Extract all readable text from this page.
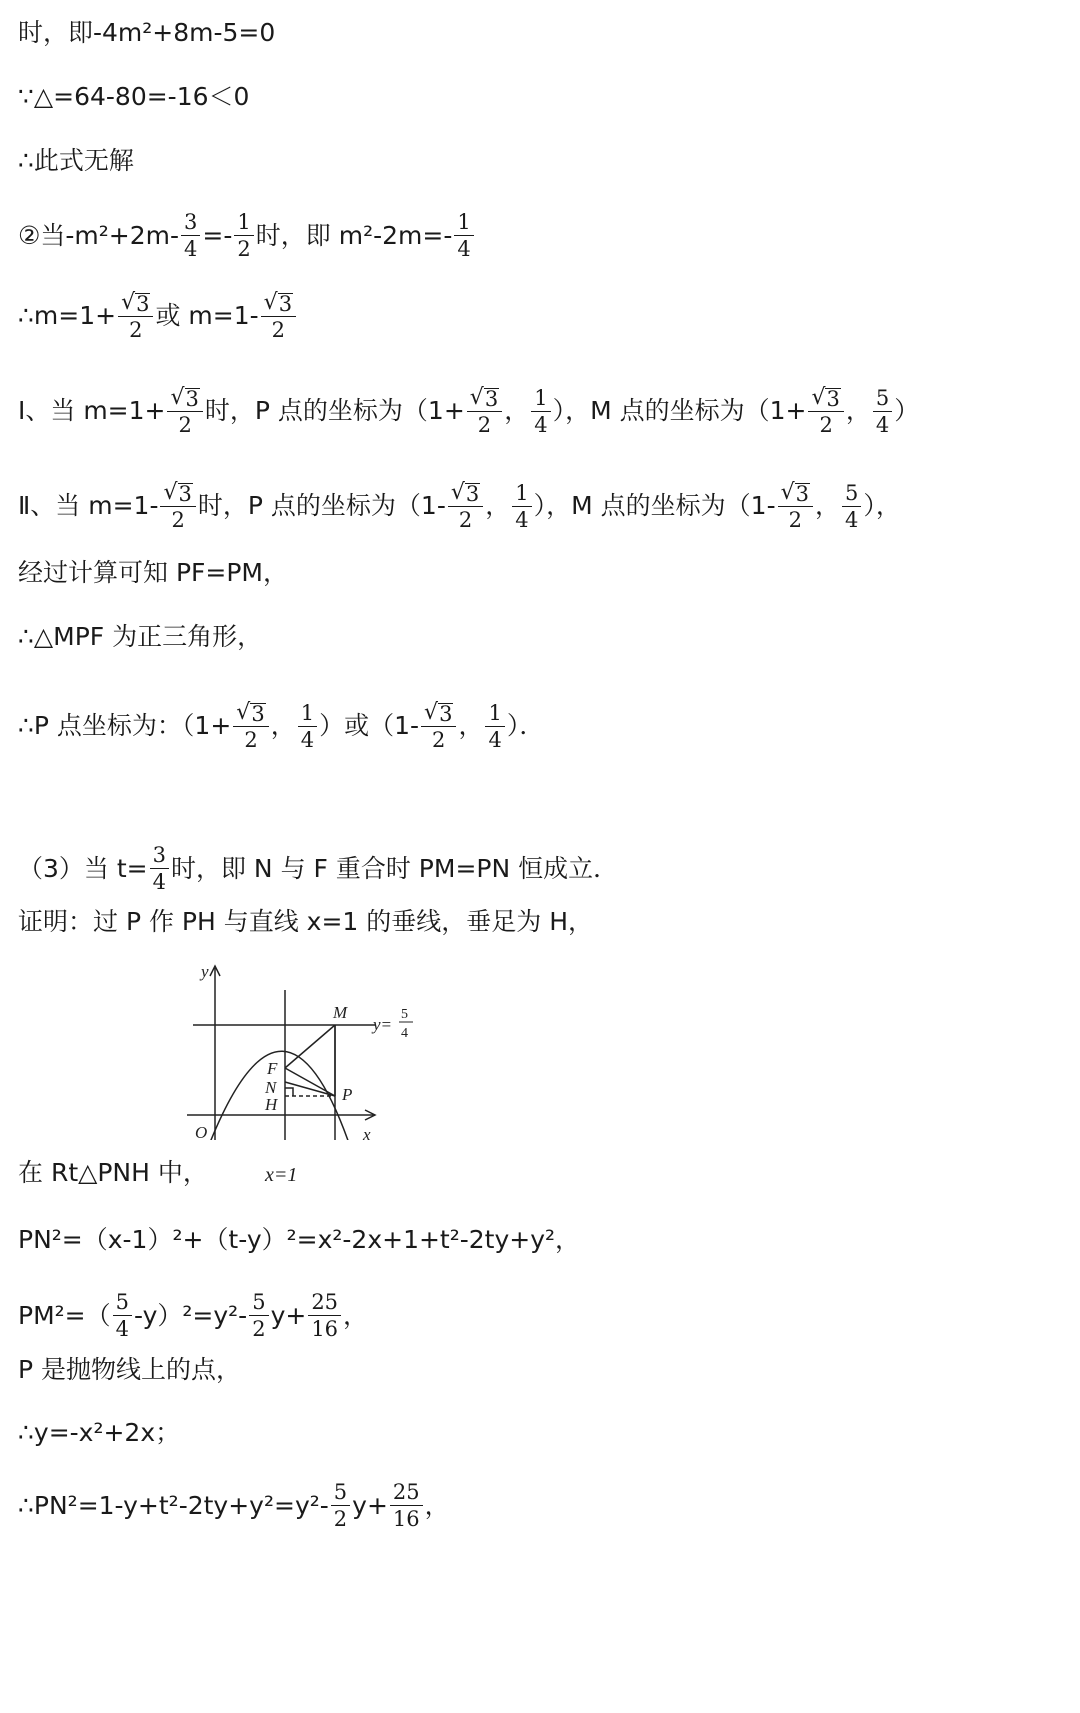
时，即-4m²+8m-5=0
∵△=64-80=-16＜0
∴此式无解
②当$-m^2+2m- \frac{3}{4} =- \frac{1}{2}$ 时，即 $m^2-2m=- \frac{1}{4}$
∴m=1+ $\frac{√ 3}{2}$ 或 $m=1- \frac{√ 3}{2}$
Ⅰ、当 $m=1+ \frac{√ 3}{2}$ 时，P 点的坐标为（$1+ \frac{√ 3}{2}$ ， $\frac{1}{4}$ ），M 点的坐标为（$1+ \frac{√ 3}{2}$ ， $\frac{5}{4}$ ）
Ⅱ、当 $m=1- \frac{√ 3}{2}$ 时，P 点的坐标为（$1- \frac{√ 3}{2}$ ， $\frac{1}{4}$ ），M 点的坐标为（$1- \frac{√ 3}{2}$ ， $\frac{5}{4}$ ），
经过计算可知 PF=PM，
∴△MPF 为正三角形，
∴P 点坐标为：（$1+ \frac{√ 3}{2}$ ， $\frac{1}{4}$ ）或（$1- \frac{√ 3}{2}$ ， $\frac{1}{4}$ ）．
（3）当 $t= \frac{3}{4}$ 时，即 N 与 F 重合时 PM=PN 恒成立．
证明：过 P 作 PH 与直线 x=1 的垂线，垂足为 H，
y
x
O
M
F
N
H
P
y=
5
4
x=1
在 Rt△PNH 中，
PN²=（x-1）²+（t-y）²=x²-2x+1+t²-2ty+y²，
$PM^2=( \frac{5}{4} -y)^2=y^2- \frac{5}{2} y+ \frac{25}{16}$ ，
P 是抛物线上的点，
∴y=-x²+2x；
∴PN²=1-y+t²-2ty+y²=y²- $\frac{5}{2} y+ \frac{25}{16}$ ，
